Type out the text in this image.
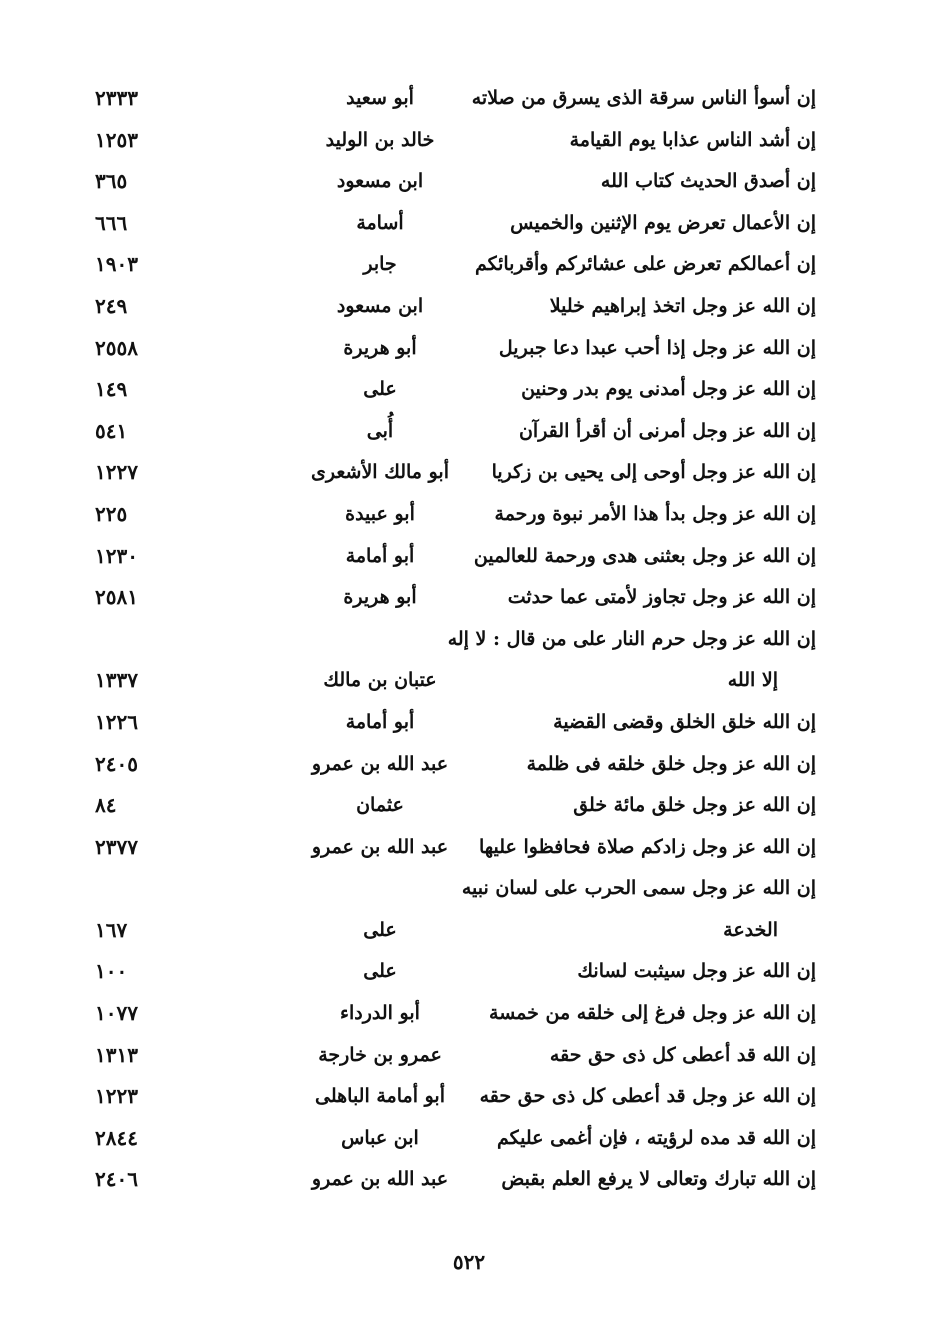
إن أسوأ الناس سرقة الذى يسرق من صلاته
أبو سعيد
٢٣٣٣
إن أشد الناس عذابا يوم القيامة
خالد بن الوليد
١٢٥٣
إن أصدق الحديث كتاب الله
ابن مسعود
٣٦٥
إن الأعمال تعرض يوم الإثنين والخميس
أسامة
٦٦٦
إن أعمالكم تعرض على عشائركم وأقربائكم
جابر
١٩٠٣
إن الله عز وجل اتخذ إبراهيم خليلا
ابن مسعود
٢٤٩
إن الله عز وجل إذا أحب عبدا دعا جبريل
أبو هريرة
٢٥٥٨
إن الله عز وجل أمدنى يوم بدر وحنين
على
١٤٩
إن الله عز وجل أمرنى أن أقرأ القرآن
أُبى
٥٤١
إن الله عز وجل أوحى إلى يحيى بن زكريا
أبو مالك الأشعرى
١٢٢٧
إن الله عز وجل بدأ هذا الأمر نبوة ورحمة
أبو عبيدة
٢٢٥
إن الله عز وجل بعثنى هدى ورحمة للعالمين
أبو أمامة
١٢٣٠
إن الله عز وجل تجاوز لأمتى عما حدثت
أبو هريرة
٢٥٨١
إن الله عز وجل حرم النار على من قال : لا إله
إلا الله
عتبان بن مالك
١٣٣٧
إن الله خلق الخلق وقضى القضية
أبو أمامة
١٢٢٦
إن الله عز وجل خلق خلقه فى ظلمة
عبد الله بن عمرو
٢٤٠٥
إن الله عز وجل خلق مائة خلق
عثمان
٨٤
إن الله عز وجل زادكم صلاة فحافظوا عليها
عبد الله بن عمرو
٢٣٧٧
إن الله عز وجل سمى الحرب على لسان نبيه
الخدعة
على
١٦٧
إن الله عز وجل سيثبت لسانك
على
١٠٠
إن الله عز وجل فرغ إلى خلقه من خمسة
أبو الدرداء
١٠٧٧
إن الله قد أعطى كل ذى حق حقه
عمرو بن خارجة
١٣١٣
إن الله عز وجل قد أعطى كل ذى حق حقه
أبو أمامة الباهلى
١٢٢٣
إن الله قد مده لرؤيته ، فإن أغمى عليكم
ابن عباس
٢٨٤٤
إن الله تبارك وتعالى لا يرفع العلم بقبض
عبد الله بن عمرو
٢٤٠٦
٥٢٢
